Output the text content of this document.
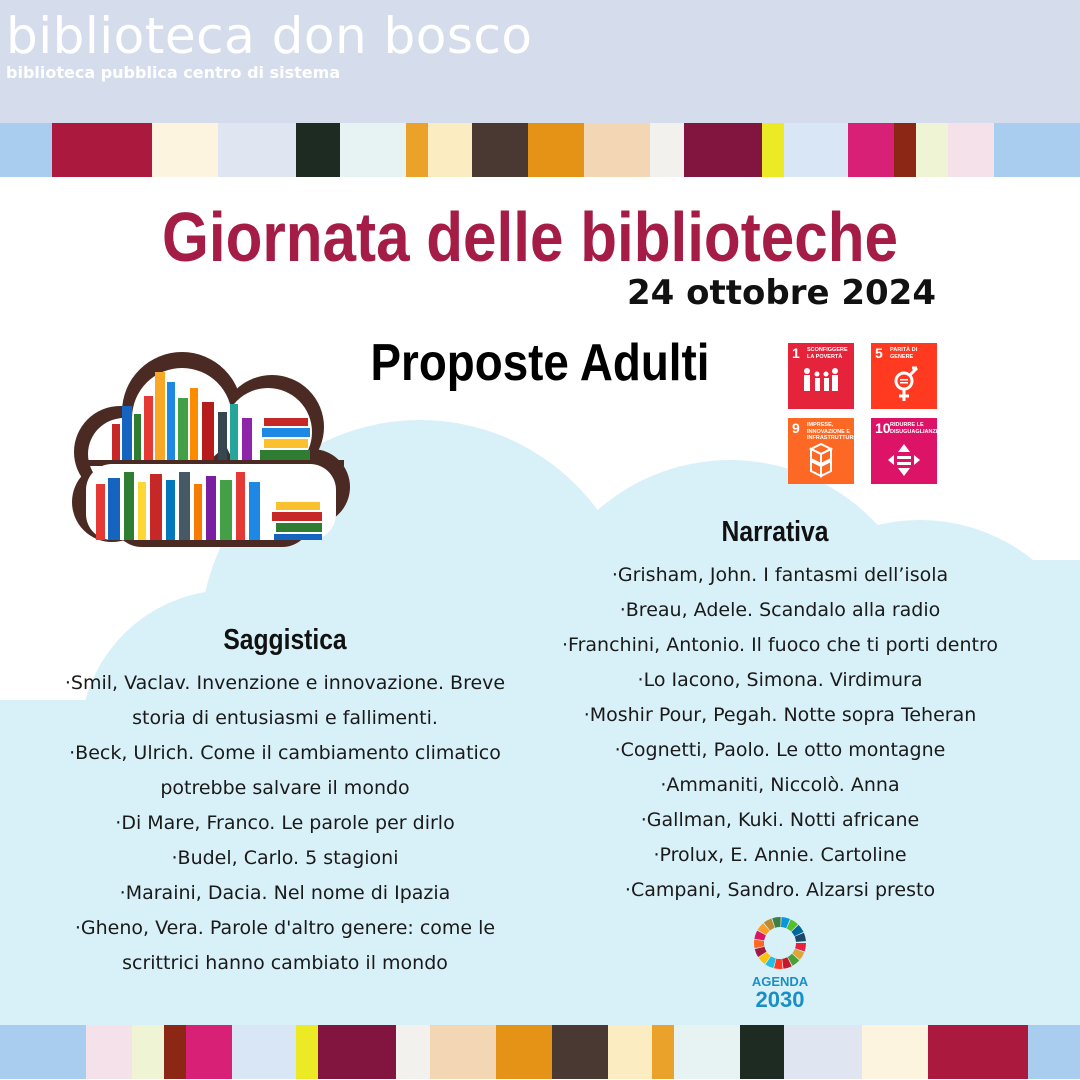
biblioteca don bosco
biblioteca pubblica centro di sistema
Giornata delle biblioteche
24 ottobre 2024
Proposte Adulti	1 SCONFIGGERE LA POVERTÀ	5 PARITÀ DI GENERE
9 IMPRESE, INNOVAZIONE E INFRASTRUTTURE
10 RIDURRE LE DISUGUAGLIANZE
Narrativa
·Grisham, John. I fantasmi dell’isola
·Breau, Adele. Scandalo alla radio
·Franchini, Antonio. Il fuoco che ti porti dentro
·Lo Iacono, Simona. Virdimura
·Moshir Pour, Pegah. Notte sopra Teheran
·Cognetti, Paolo. Le otto montagne
·Ammaniti, Niccolò. Anna
·Gallman, Kuki. Notti africane
·Prolux, E. Annie. Cartoline
·Campani, Sandro. Alzarsi presto
Saggistica
·Smil, Vaclav. Invenzione e innovazione. Breve
storia di entusiasmi e fallimenti.
·Beck, Ulrich. Come il cambiamento climatico
potrebbe salvare il mondo
·Di Mare, Franco. Le parole per dirlo
·Budel, Carlo. 5 stagioni
·Maraini, Dacia. Nel nome di Ipazia
·Gheno, Vera. Parole d'altro genere: come le
scrittrici hanno cambiato il mondo
AGENDA
2030
